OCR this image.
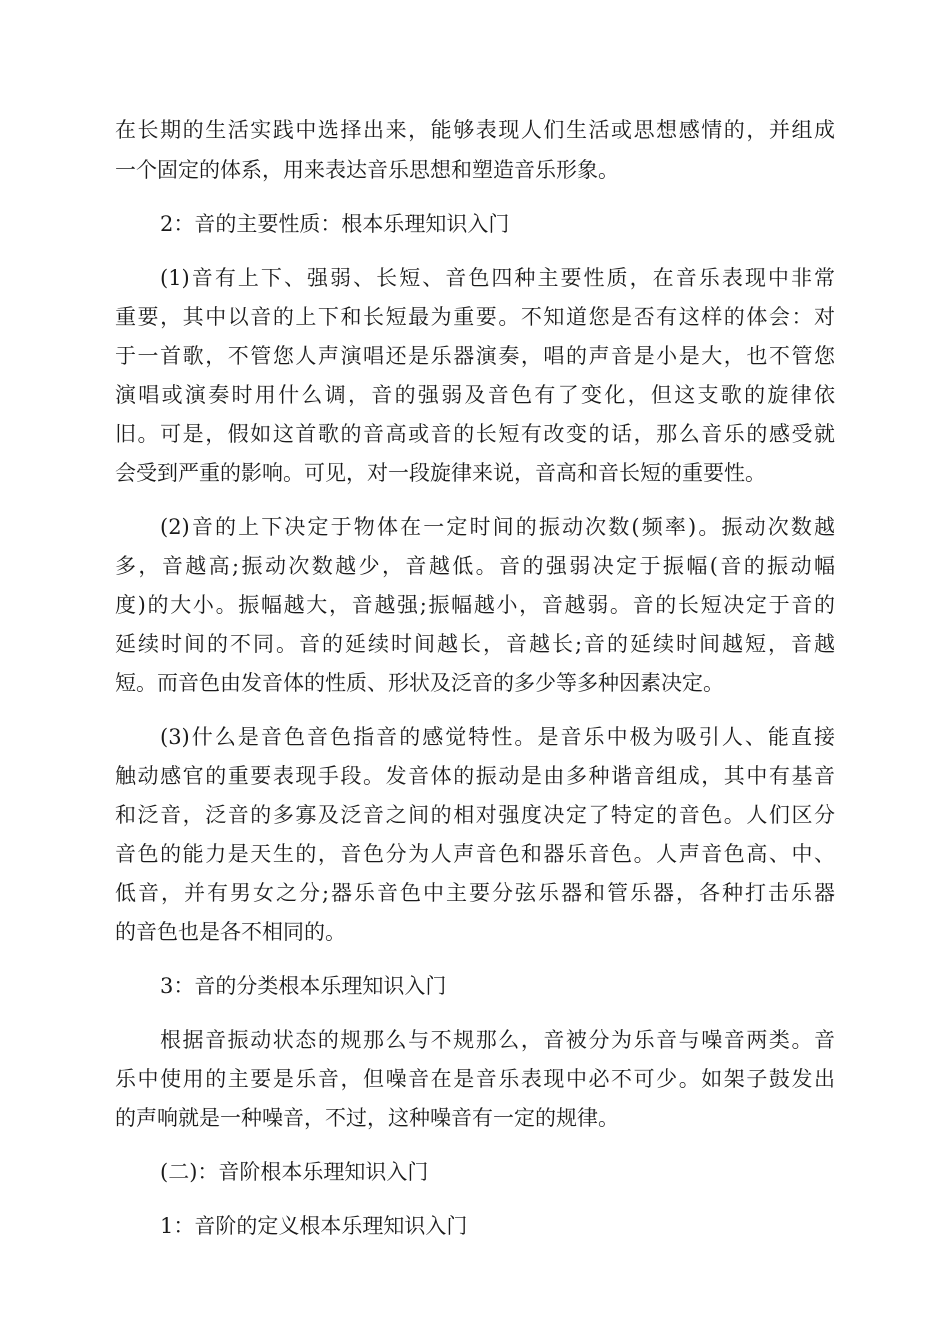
在长期的生活实践中选择出来，能够表现人们生活或思想感情的，并组成
一个固定的体系，用来表达音乐思想和塑造音乐形象。
2：音的主要性质：根本乐理知识入门
(1)音有上下、强弱、长短、音色四种主要性质，在音乐表现中非常
重要，其中以音的上下和长短最为重要。不知道您是否有这样的体会：对
于一首歌，不管您人声演唱还是乐器演奏，唱的声音是小是大，也不管您
演唱或演奏时用什么调，音的强弱及音色有了变化，但这支歌的旋律依
旧。可是，假如这首歌的音高或音的长短有改变的话，那么音乐的感受就
会受到严重的影响。可见，对一段旋律来说，音高和音长短的重要性。
(2)音的上下决定于物体在一定时间的振动次数(频率)。振动次数越
多，音越高;振动次数越少，音越低。音的强弱决定于振幅(音的振动幅
度)的大小。振幅越大，音越强;振幅越小，音越弱。音的长短决定于音的
延续时间的不同。音的延续时间越长，音越长;音的延续时间越短，音越
短。而音色由发音体的性质、形状及泛音的多少等多种因素决定。
(3)什么是音色音色指音的感觉特性。是音乐中极为吸引人、能直接
触动感官的重要表现手段。发音体的振动是由多种谐音组成，其中有基音
和泛音，泛音的多寡及泛音之间的相对强度决定了特定的音色。人们区分
音色的能力是天生的，音色分为人声音色和器乐音色。人声音色高、中、
低音，并有男女之分;器乐音色中主要分弦乐器和管乐器，各种打击乐器
的音色也是各不相同的。
3：音的分类根本乐理知识入门
根据音振动状态的规那么与不规那么，音被分为乐音与噪音两类。音
乐中使用的主要是乐音，但噪音在是音乐表现中必不可少。如架子鼓发出
的声响就是一种噪音，不过，这种噪音有一定的规律。
(二)：音阶根本乐理知识入门
1：音阶的定义根本乐理知识入门
